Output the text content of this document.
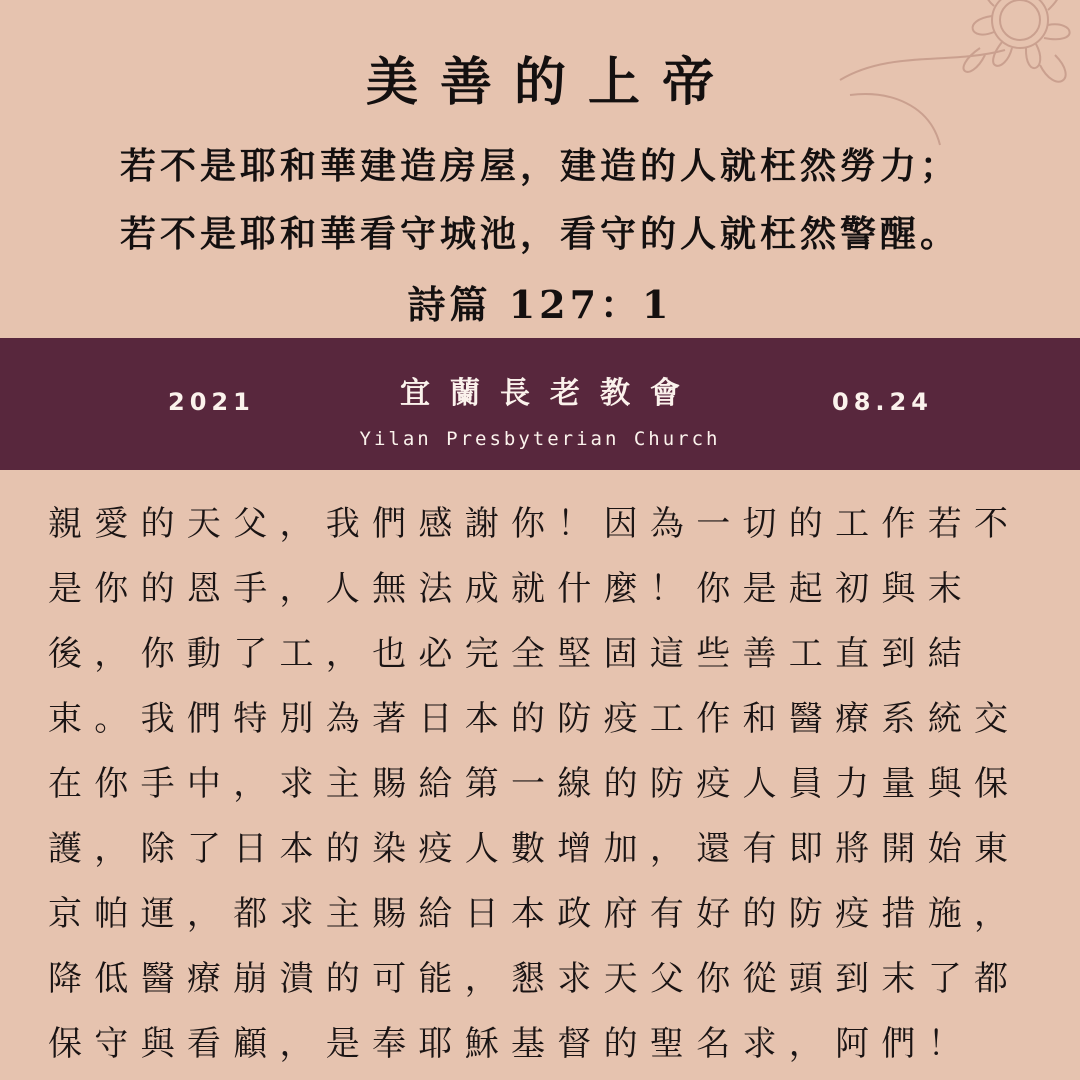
美善的上帝
若不是耶和華建造房屋，建造的人就枉然勞力；
若不是耶和華看守城池，看守的人就枉然警醒。
詩篇 127：1
2021	宜蘭長老教會	08.24
Yilan Presbyterian Church
親愛的天父，我們感謝你！因為一切的工作若不是你的恩手，人無法成就什麼！你是起初與末後，你動了工，也必完全堅固這些善工直到結束。我們特別為著日本的防疫工作和醫療系統交在你手中，求主賜給第一線的防疫人員力量與保護，除了日本的染疫人數增加，還有即將開始東京帕運，都求主賜給日本政府有好的防疫措施，降低醫療崩潰的可能，懇求天父你從頭到末了都保守與看顧，是奉耶穌基督的聖名求，阿們！
